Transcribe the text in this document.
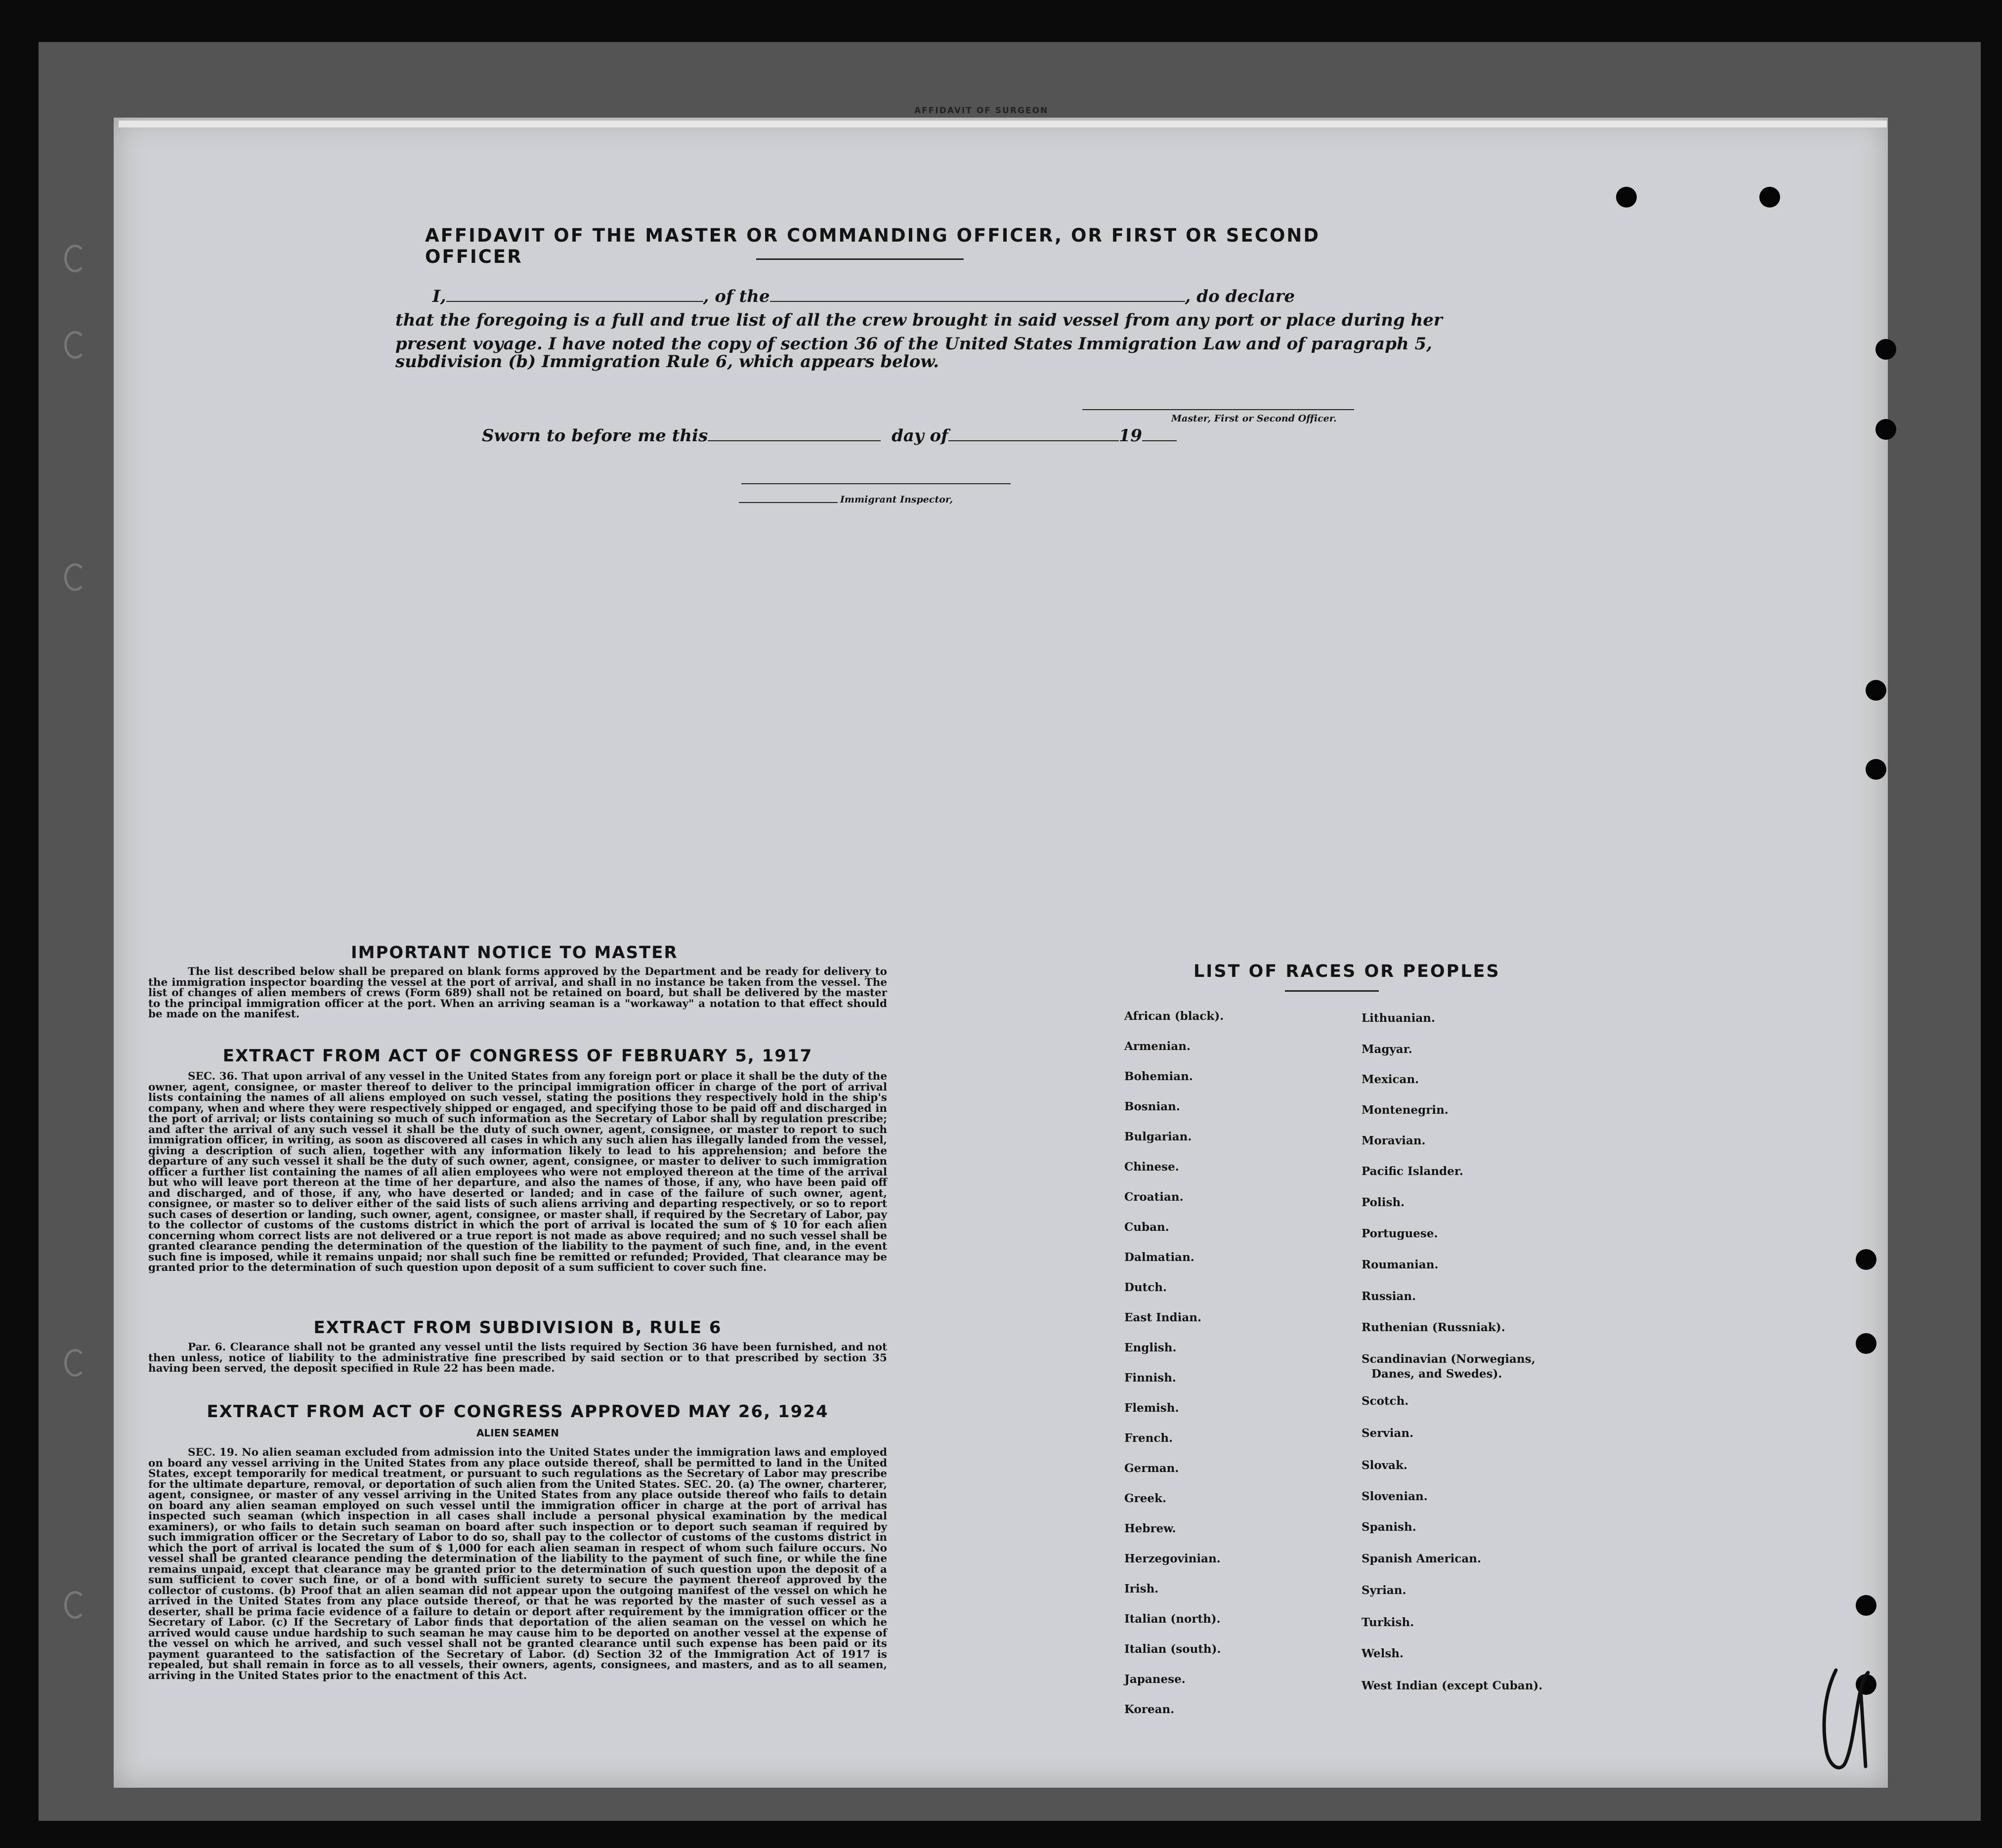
AFFIDAVIT OF SURGEON
AFFIDAVIT OF THE MASTER OR COMMANDING OFFICER, OR FIRST OR SECOND OFFICER
I,	, of the	, do declare
that the foregoing is a full and true list of all the crew brought in said vessel from any port or place during her
present voyage. I have noted the copy of section 36 of the United States Immigration Law and of paragraph 5,
subdivision (b) Immigration Rule 6, which appears below.
Master, First or Second Officer.
Sworn to before me this	day of	19
Immigrant Inspector,
IMPORTANT NOTICE TO MASTER
The list described below shall be prepared on blank forms approved by the Department and be ready for delivery to the immigration inspector boarding the vessel at the port of arrival, and shall in no instance be taken from the vessel. The list of changes of alien members of crews (Form 689) shall not be retained on board, but shall be delivered by the master to the principal immigration officer at the port. When an arriving seaman is a "workaway" a notation to that effect should be made on the manifest.
EXTRACT FROM ACT OF CONGRESS OF FEBRUARY 5, 1917
SEC. 36. That upon arrival of any vessel in the United States from any foreign port or place it shall be the duty of the owner, agent, consignee, or master thereof to deliver to the principal immigration officer in charge of the port of arrival lists containing the names of all aliens employed on such vessel, stating the positions they respectively hold in the ship's company, when and where they were respectively shipped or engaged, and specifying those to be paid off and discharged in the port of arrival; or lists containing so much of such information as the Secretary of Labor shall by regulation prescribe; and after the arrival of any such vessel it shall be the duty of such owner, agent, consignee, or master to report to such immigration officer, in writing, as soon as discovered all cases in which any such alien has illegally landed from the vessel, giving a description of such alien, together with any information likely to lead to his apprehension; and before the departure of any such vessel it shall be the duty of such owner, agent, consignee, or master to deliver to such immigration officer a further list containing the names of all alien employees who were not employed thereon at the time of the arrival but who will leave port thereon at the time of her departure, and also the names of those, if any, who have been paid off and discharged, and of those, if any, who have deserted or landed; and in case of the failure of such owner, agent, consignee, or master so to deliver either of the said lists of such aliens arriving and departing respectively, or so to report such cases of desertion or landing, such owner, agent, consignee, or master shall, if required by the Secretary of Labor, pay to the collector of customs of the customs district in which the port of arrival is located the sum of $ 10 for each alien concerning whom correct lists are not delivered or a true report is not made as above required; and no such vessel shall be granted clearance pending the determination of the question of the liability to the payment of such fine, and, in the event such fine is imposed, while it remains unpaid; nor shall such fine be remitted or refunded; Provided, That clearance may be granted prior to the determination of such question upon deposit of a sum sufficient to cover such fine.
EXTRACT FROM SUBDIVISION B, RULE 6
Par. 6. Clearance shall not be granted any vessel until the lists required by Section 36 have been furnished, and not then unless, notice of liability to the administrative fine prescribed by said section or to that prescribed by section 35 having been served, the deposit specified in Rule 22 has been made.
EXTRACT FROM ACT OF CONGRESS APPROVED MAY 26, 1924
ALIEN SEAMEN
SEC. 19. No alien seaman excluded from admission into the United States under the immigration laws and employed on board any vessel arriving in the United States from any place outside thereof, shall be permitted to land in the United States, except temporarily for medical treatment, or pursuant to such regulations as the Secretary of Labor may prescribe for the ultimate departure, removal, or deportation of such alien from the United States. SEC. 20. (a) The owner, charterer, agent, consignee, or master of any vessel arriving in the United States from any place outside thereof who fails to detain on board any alien seaman employed on such vessel until the immigration officer in charge at the port of arrival has inspected such seaman (which inspection in all cases shall include a personal physical examination by the medical examiners), or who fails to detain such seaman on board after such inspection or to deport such seaman if required by such immigration officer or the Secretary of Labor to do so, shall pay to the collector of customs of the customs district in which the port of arrival is located the sum of $ 1,000 for each alien seaman in respect of whom such failure occurs. No vessel shall be granted clearance pending the determination of the liability to the payment of such fine, or while the fine remains unpaid, except that clearance may be granted prior to the determination of such question upon the deposit of a sum sufficient to cover such fine, or of a bond with sufficient surety to secure the payment thereof approved by the collector of customs. (b) Proof that an alien seaman did not appear upon the outgoing manifest of the vessel on which he arrived in the United States from any place outside thereof, or that he was reported by the master of such vessel as a deserter, shall be prima facie evidence of a failure to detain or deport after requirement by the immigration officer or the Secretary of Labor. (c) If the Secretary of Labor finds that deportation of the alien seaman on the vessel on which he arrived would cause undue hardship to such seaman he may cause him to be deported on another vessel at the expense of the vessel on which he arrived, and such vessel shall not be granted clearance until such expense has been paid or its payment guaranteed to the satisfaction of the Secretary of Labor. (d) Section 32 of the Immigration Act of 1917 is repealed, but shall remain in force as to all vessels, their owners, agents, consignees, and masters, and as to all seamen, arriving in the United States prior to the enactment of this Act.
LIST OF RACES OR PEOPLES
African (black).
Armenian.
Bohemian.
Bosnian.
Bulgarian.
Chinese.
Croatian.
Cuban.
Dalmatian.
Dutch.
East Indian.
English.
Finnish.
Flemish.
French.
German.
Greek.
Hebrew.
Herzegovinian.
Irish.
Italian (north).
Italian (south).
Japanese.
Korean.
Lithuanian.
Magyar.
Mexican.
Montenegrin.
Moravian.
Pacific Islander.
Polish.
Portuguese.
Roumanian.
Russian.
Ruthenian (Russniak).
Scandinavian (Norwegians,
Danes, and Swedes).
Scotch.
Servian.
Slovak.
Slovenian.
Spanish.
Spanish American.
Syrian.
Turkish.
Welsh.
West Indian (except Cuban).
